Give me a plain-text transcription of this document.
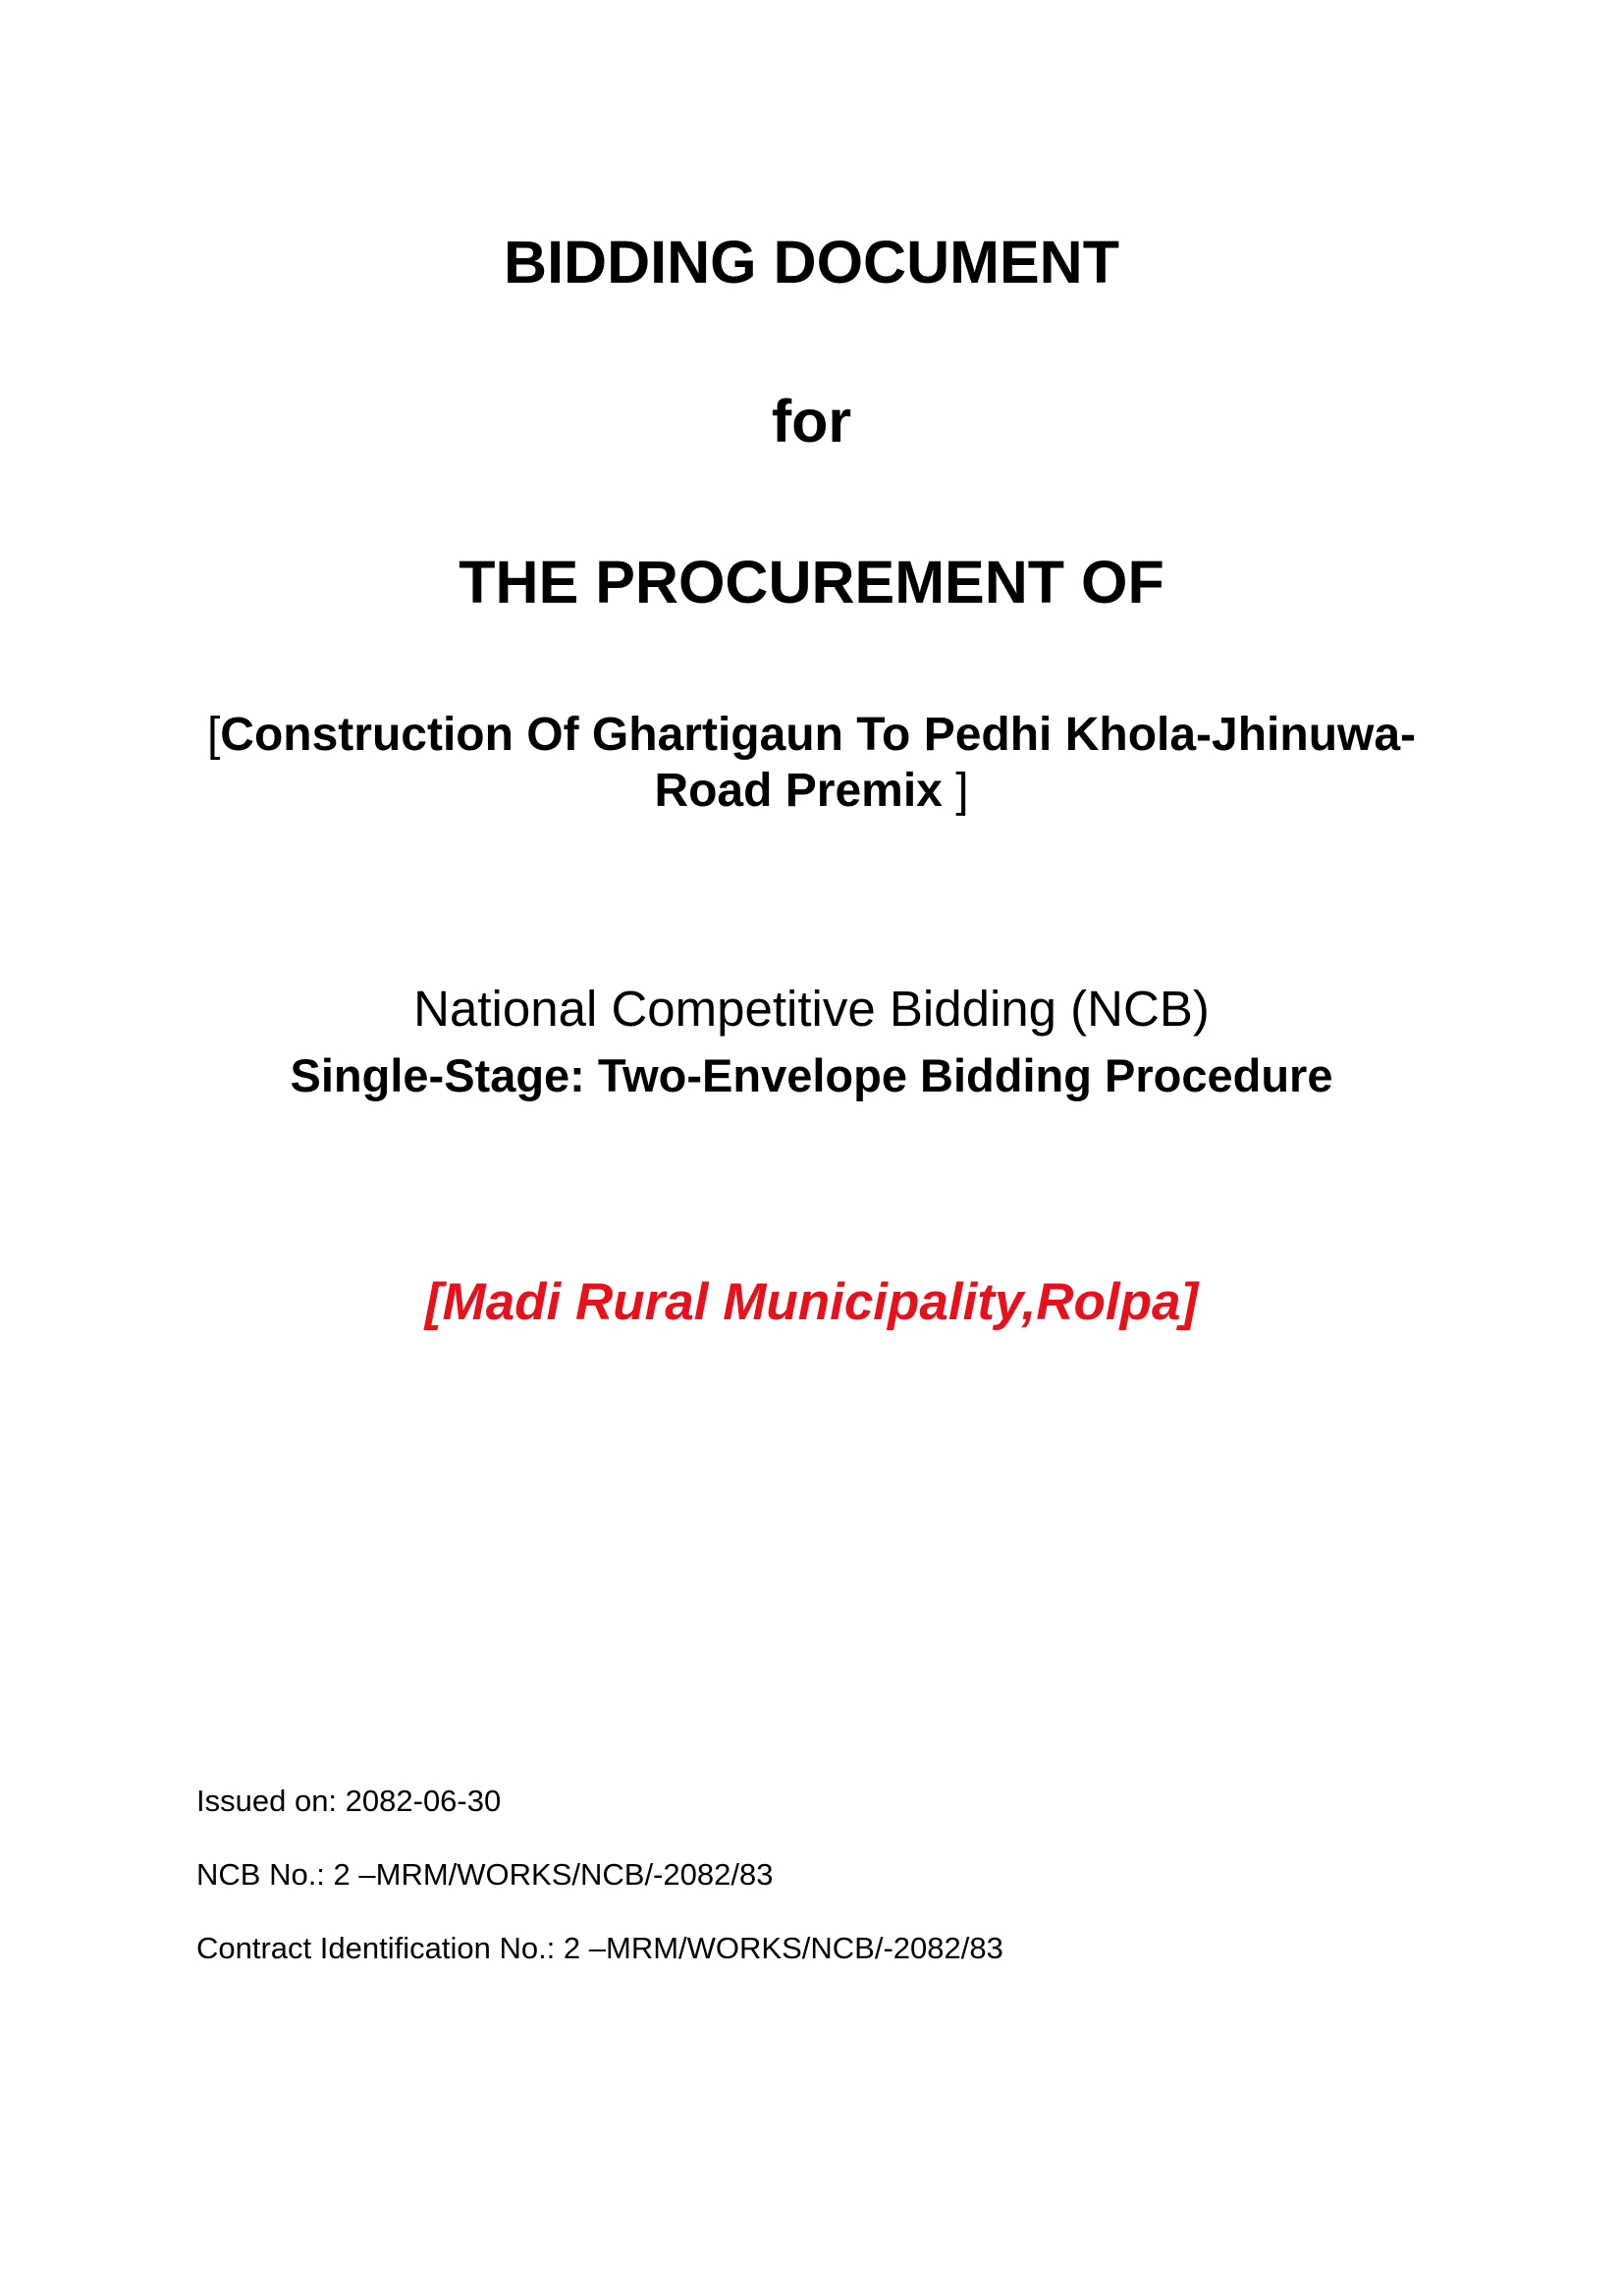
BIDDING DOCUMENT
for
THE PROCUREMENT OF
[Construction Of Ghartigaun To Pedhi Khola-Jhinuwa-
Road Premix ]
National Competitive Bidding (NCB)
Single-Stage: Two-Envelope Bidding Procedure
[Madi Rural Municipality,Rolpa]

Issued on: 2082-06-30

NCB No.: 2 –MRM/WORKS/NCB/-2082/83

Contract Identification No.: 2 –MRM/WORKS/NCB/-2082/83
